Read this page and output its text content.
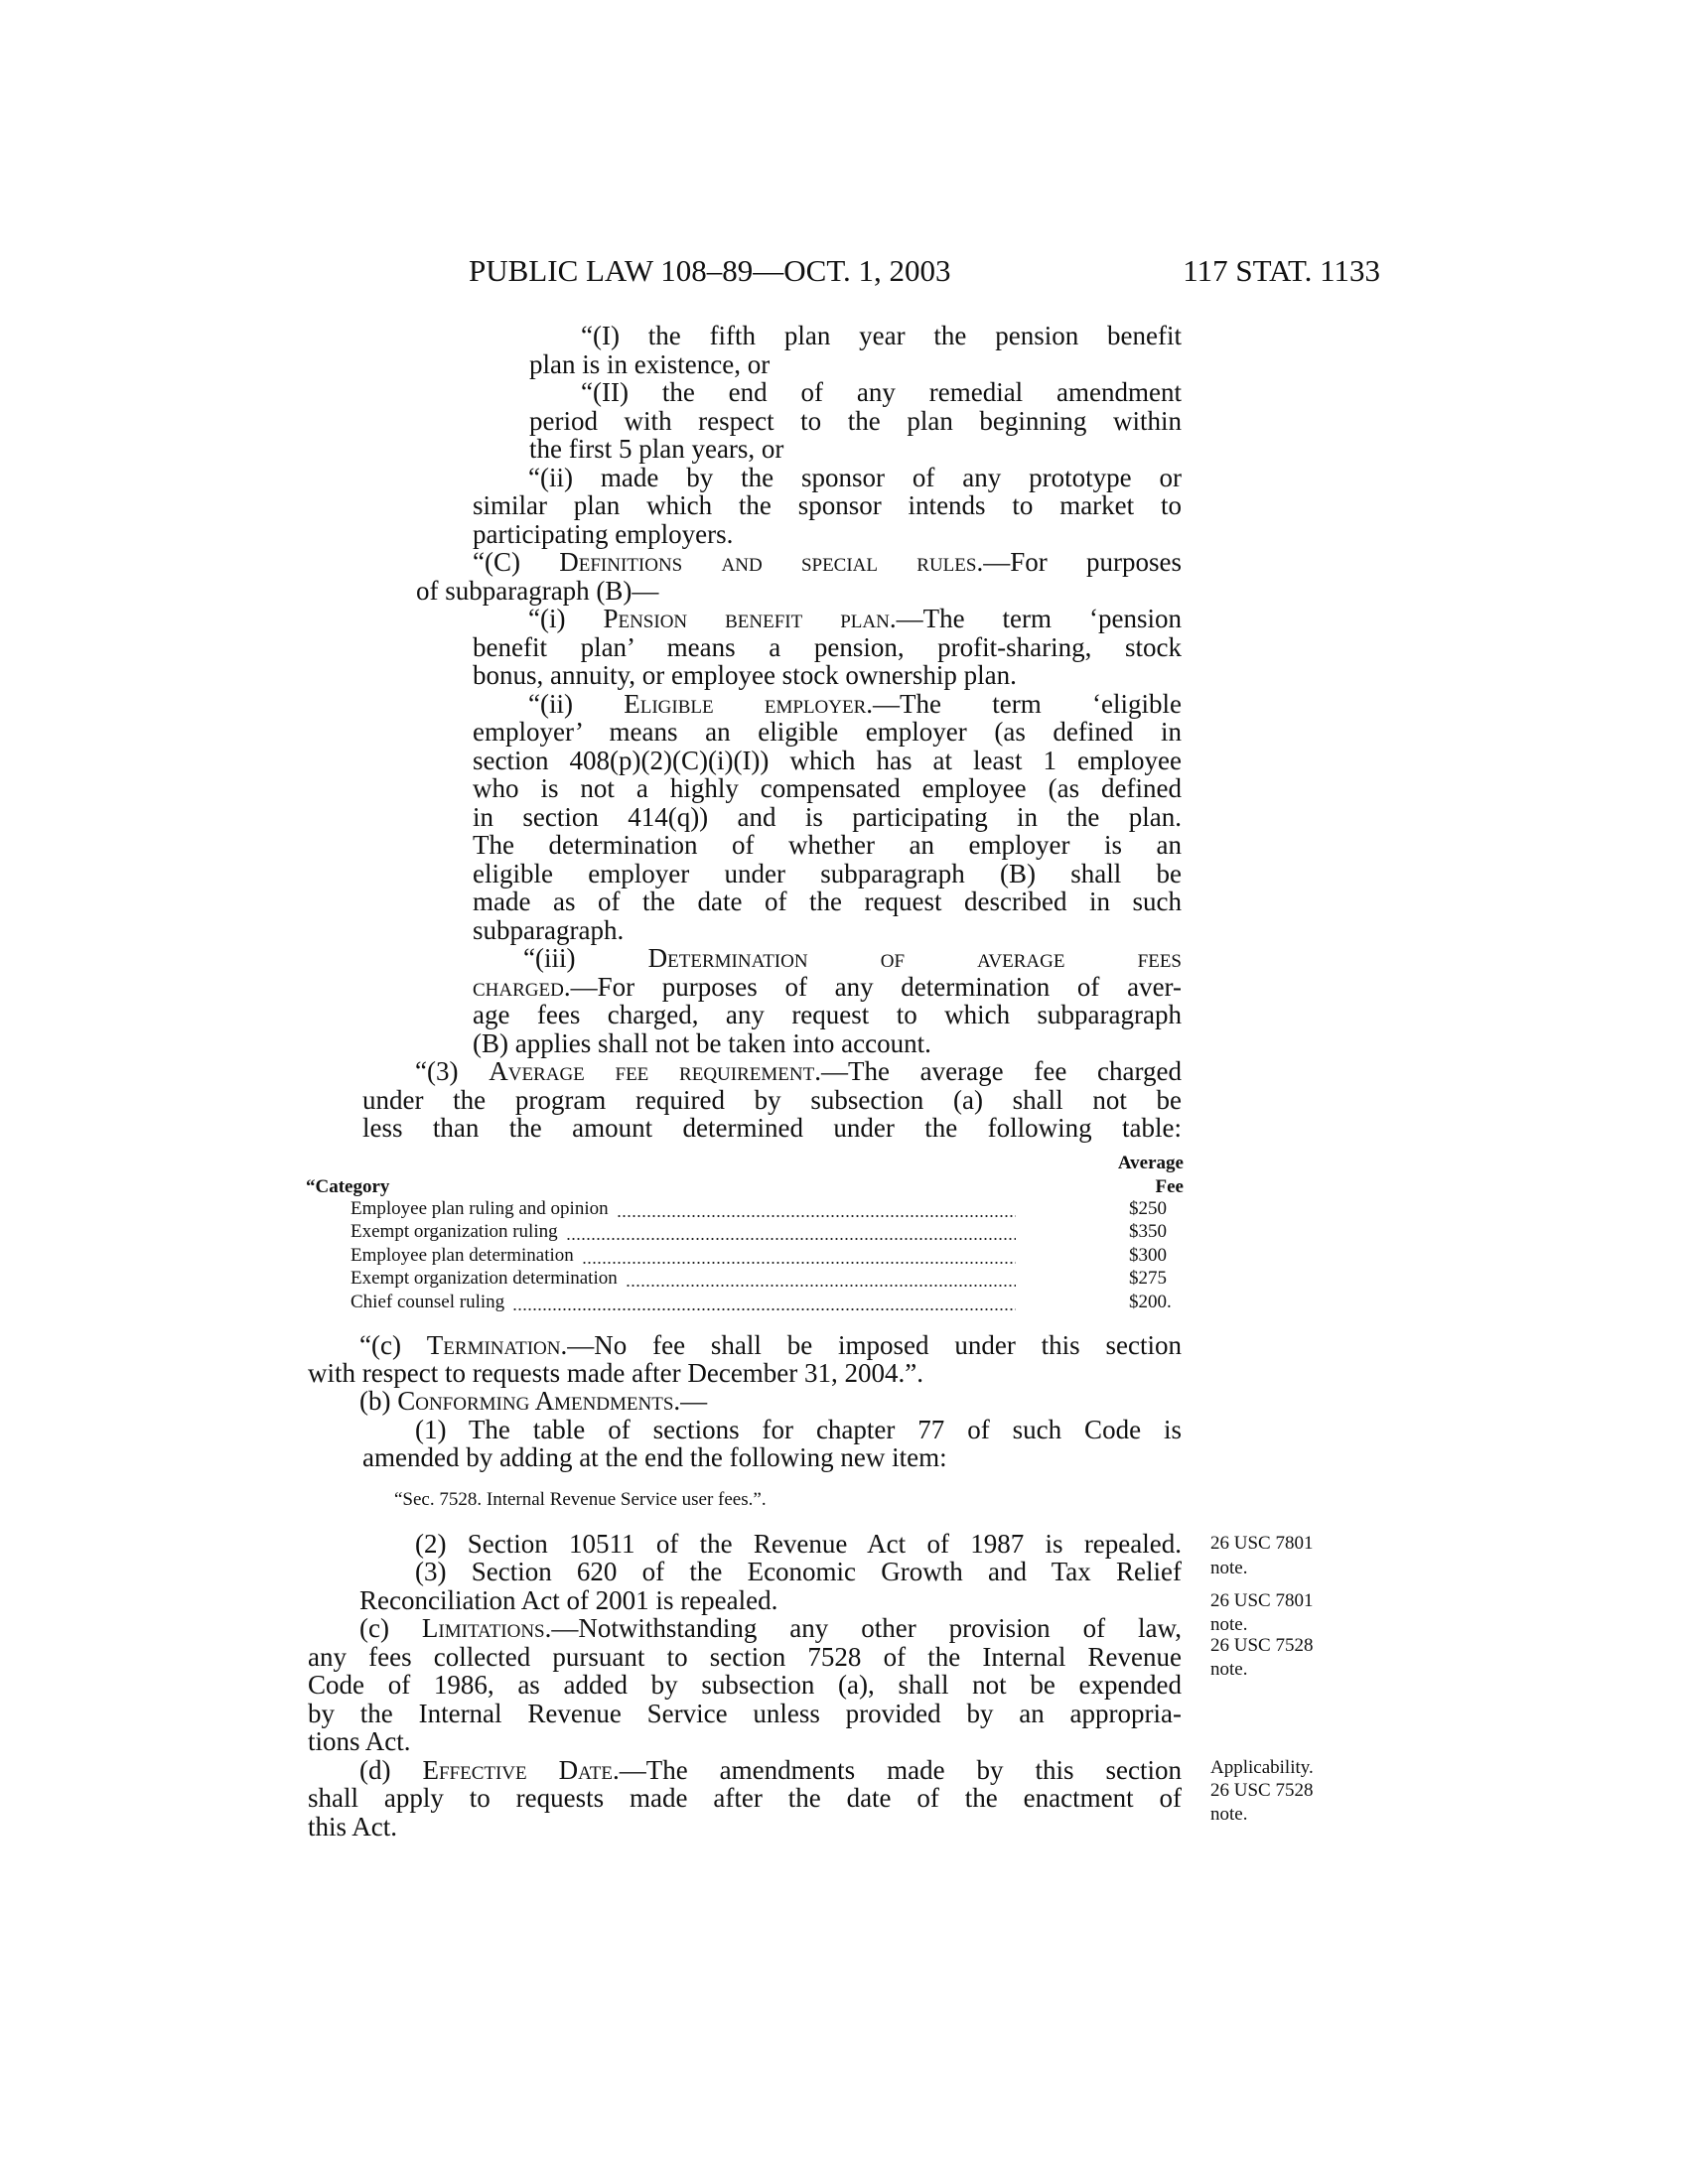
PUBLIC LAW 108–89—OCT. 1, 2003	117 STAT. 1133
“(I) the fifth plan year the pension benefit
plan is in existence, or
“(II) the end of any remedial amendment
period with respect to the plan beginning within
the first 5 plan years, or
“(ii) made by the sponsor of any prototype or
similar plan which the sponsor intends to market to
participating employers.
“(C) Definitions and special rules.—For purposes
of subparagraph (B)—
“(i) Pension benefit plan.—The term ‘pension
benefit plan’ means a pension, profit-sharing, stock
bonus, annuity, or employee stock ownership plan.
“(ii) Eligible employer.—The term ‘eligible
employer’ means an eligible employer (as defined in
section 408(p)(2)(C)(i)(I)) which has at least 1 employee
who is not a highly compensated employee (as defined
in section 414(q)) and is participating in the plan.
The determination of whether an employer is an
eligible employer under subparagraph (B) shall be
made as of the date of the request described in such
subparagraph.
“(iii) Determination of average fees
charged.—For purposes of any determination of aver-
age fees charged, any request to which subparagraph
(B) applies shall not be taken into account.
“(3) Average fee requirement.—The average fee charged
under the program required by subsection (a) shall not be
less than the amount determined under the following table:
“(c) Termination.—No fee shall be imposed under this section
with respect to requests made after December 31, 2004.”.
(b) Conforming Amendments.—
(1) The table of sections for chapter 77 of such Code is
amended by adding at the end the following new item:
“Sec. 7528. Internal Revenue Service user fees.”.
(2) Section 10511 of the Revenue Act of 1987 is repealed.
(3) Section 620 of the Economic Growth and Tax Relief
Reconciliation Act of 2001 is repealed.
(c) Limitations.—Notwithstanding any other provision of law,
any fees collected pursuant to section 7528 of the Internal Revenue
Code of 1986, as added by subsection (a), shall not be expended
by the Internal Revenue Service unless provided by an appropria-
tions Act.
(d) Effective Date.—The amendments made by this section
shall apply to requests made after the date of the enactment of
this Act.
Average
“Category	Fee
Employee plan ruling and opinion	$250
Exempt organization ruling	$350
Employee plan determination	$300
Exempt organization determination	$275
Chief counsel ruling	$200.
26 USC 7801
note.
26 USC 7801
note.
26 USC 7528
note.
Applicability.
26 USC 7528
note.
